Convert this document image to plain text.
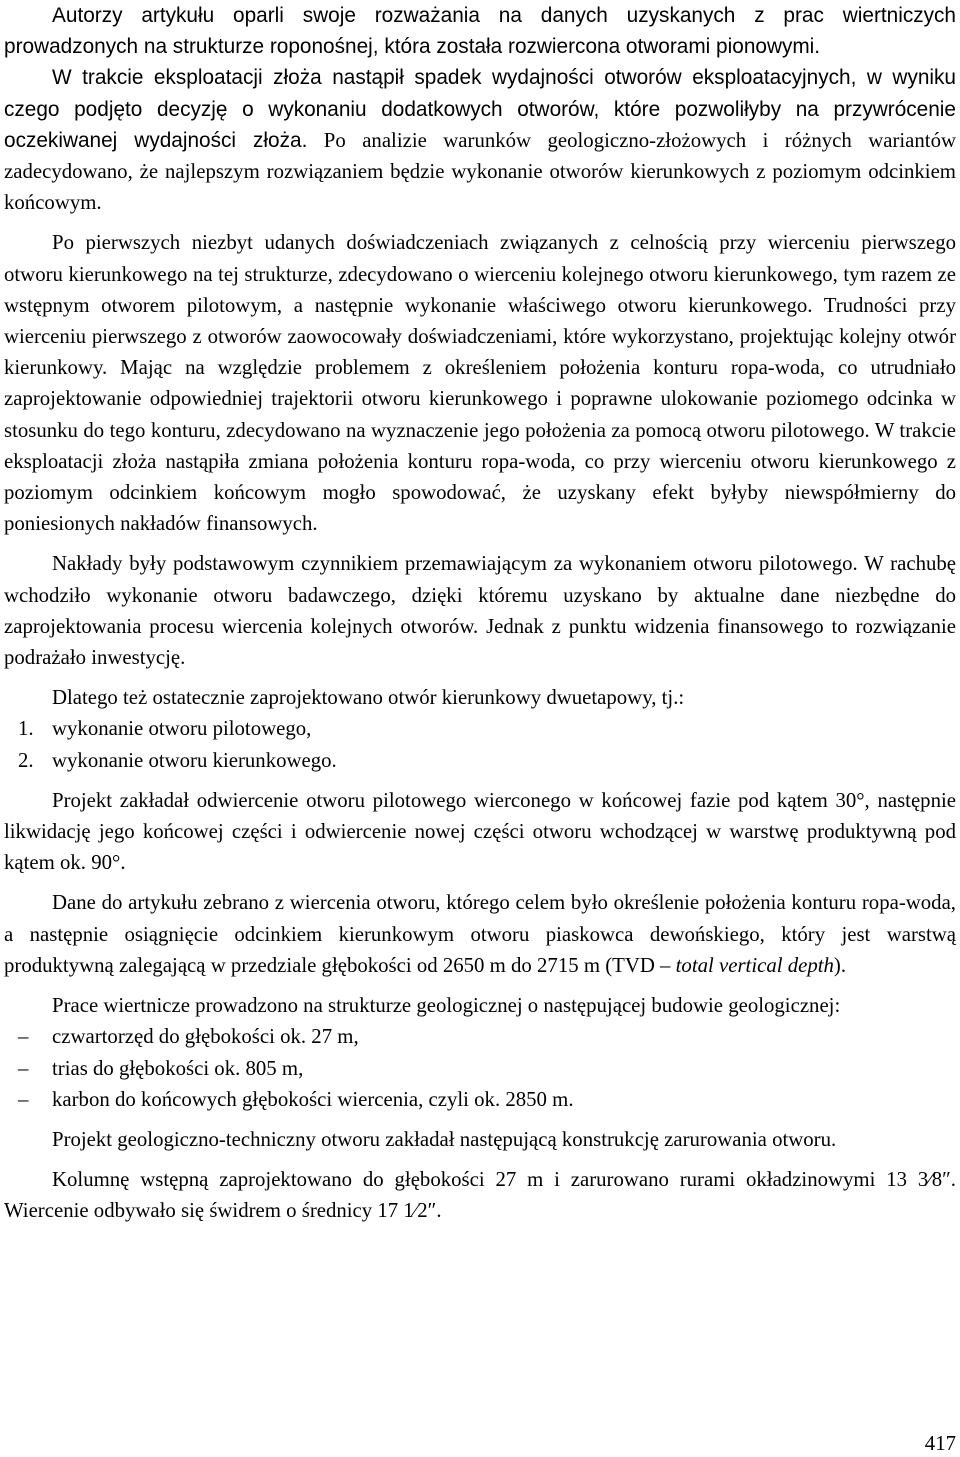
Autorzy artykułu oparli swoje rozważania na danych uzyskanych z prac wiertniczych prowadzonych na strukturze roponośnej, która została rozwiercona otworami pionowymi.

W trakcie eksploatacji złoża nastąpił spadek wydajności otworów eksploatacyjnych, w wyniku czego podjęto decyzję o wykonaniu dodatkowych otworów, które pozwoliłyby na przywrócenie oczekiwanej wydajności złoża. Po analizie warunków geologiczno-złożowych i różnych wariantów zadecydowano, że najlepszym rozwiązaniem będzie wykonanie otworów kierunkowych z poziomym odcinkiem końcowym.

Po pierwszych niezbyt udanych doświadczeniach związanych z celnością przy wierceniu pierwszego otworu kierunkowego na tej strukturze, zdecydowano o wierceniu kolejnego otworu kierunkowego, tym razem ze wstępnym otworem pilotowym, a następnie wykonanie właściwego otworu kierunkowego. Trudności przy wierceniu pierwszego z otworów zaowocowały doświadczeniami, które wykorzystano, projektując kolejny otwór kierunkowy. Mając na względzie problemem z określeniem położenia konturu ropa-woda, co utrudniało zaprojektowanie odpowiedniej trajektorii otworu kierunkowego i poprawne ulokowanie poziomego odcinka w stosunku do tego konturu, zdecydowano na wyznaczenie jego położenia za pomocą otworu pilotowego. W trakcie eksploatacji złoża nastąpiła zmiana położenia konturu ropa-woda, co przy wierceniu otworu kierunkowego z poziomym odcinkiem końcowym mogło spowodować, że uzyskany efekt byłyby niewspółmierny do poniesionych nakładów finansowych.

Nakłady były podstawowym czynnikiem przemawiającym za wykonaniem otworu pilotowego. W rachubę wchodziło wykonanie otworu badawczego, dzięki któremu uzyskano by aktualne dane niezbędne do zaprojektowania procesu wiercenia kolejnych otworów. Jednak z punktu widzenia finansowego to rozwiązanie podrażało inwestycję.

Dlatego też ostatecznie zaprojektowano otwór kierunkowy dwuetapowy, tj.:

1. wykonanie otworu pilotowego,
2. wykonanie otworu kierunkowego.

Projekt zakładał odwiercenie otworu pilotowego wierconego w końcowej fazie pod kątem 30°, następnie likwidację jego końcowej części i odwiercenie nowej części otworu wchodzącej w warstwę produktywną pod kątem ok. 90°.

Dane do artykułu zebrano z wiercenia otworu, którego celem było określenie położenia konturu ropa-woda, a następnie osiągnięcie odcinkiem kierunkowym otworu piaskowca dewońskiego, który jest warstwą produktywną zalegającą w przedziale głębokości od 2650 m do 2715 m (TVD – total vertical depth).

Prace wiertnicze prowadzono na strukturze geologicznej o następującej budowie geologicznej:

– czwartorzęd do głębokości ok. 27 m,
– trias do głębokości ok. 805 m,
– karbon do końcowych głębokości wiercenia, czyli ok. 2850 m.

Projekt geologiczno-techniczny otworu zakładał następującą konstrukcję zarurowania otworu.

Kolumnę wstępną zaprojektowano do głębokości 27 m i zarurowano rurami okładzinowymi 13 3⁄8″. Wiercenie odbywało się świdrem o średnicy 17 1⁄2″.

417
